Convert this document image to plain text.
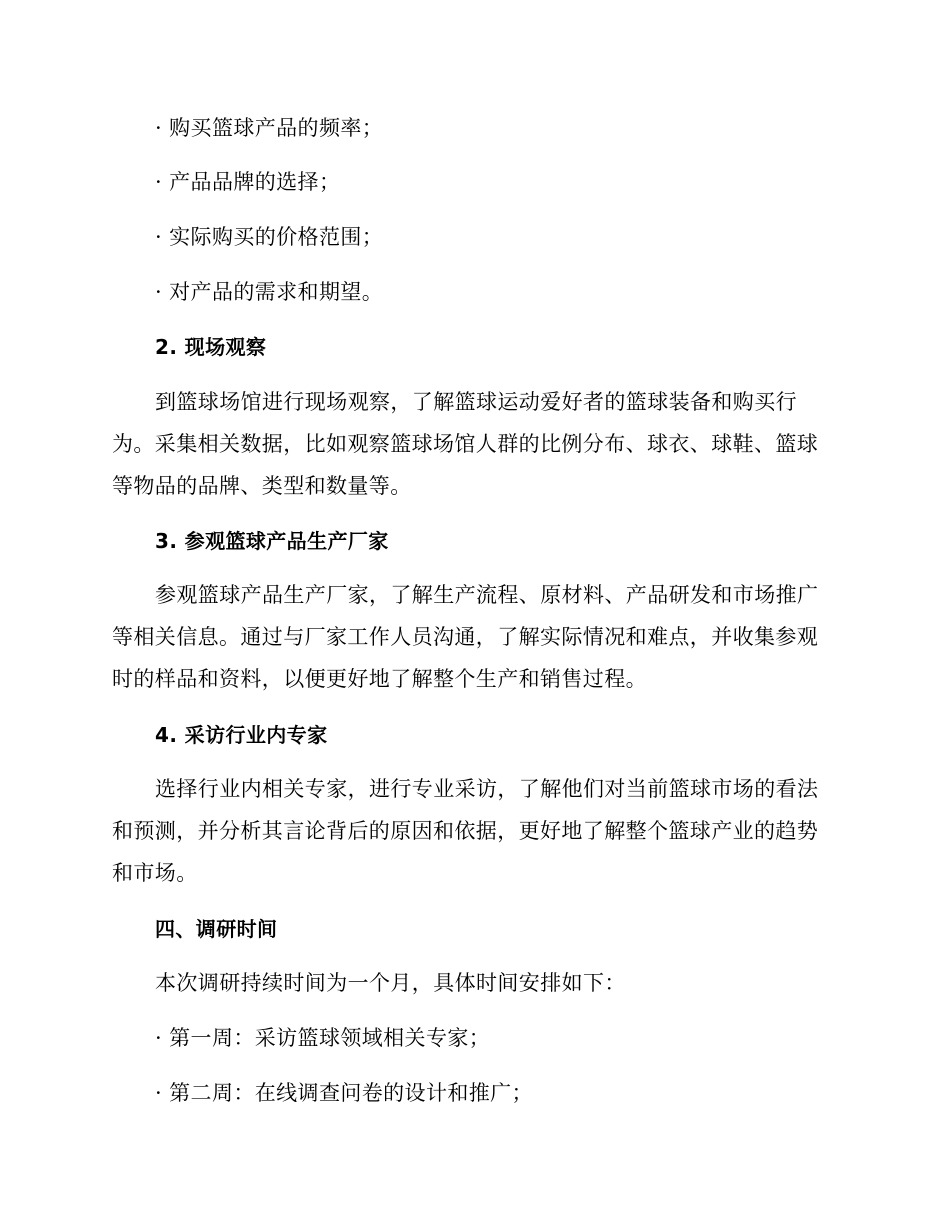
· 购买篮球产品的频率；
· 产品品牌的选择；
· 实际购买的价格范围；
· 对产品的需求和期望。
2. 现场观察
到篮球场馆进行现场观察，了解篮球运动爱好者的篮球装备和购买行
为。采集相关数据，比如观察篮球场馆人群的比例分布、球衣、球鞋、篮球
等物品的品牌、类型和数量等。
3. 参观篮球产品生产厂家
参观篮球产品生产厂家，了解生产流程、原材料、产品研发和市场推广
等相关信息。通过与厂家工作人员沟通，了解实际情况和难点，并收集参观
时的样品和资料，以便更好地了解整个生产和销售过程。
4. 采访行业内专家
选择行业内相关专家，进行专业采访，了解他们对当前篮球市场的看法
和预测，并分析其言论背后的原因和依据，更好地了解整个篮球产业的趋势
和市场。
四、调研时间
本次调研持续时间为一个月，具体时间安排如下：
· 第一周：采访篮球领域相关专家；
· 第二周：在线调查问卷的设计和推广；
